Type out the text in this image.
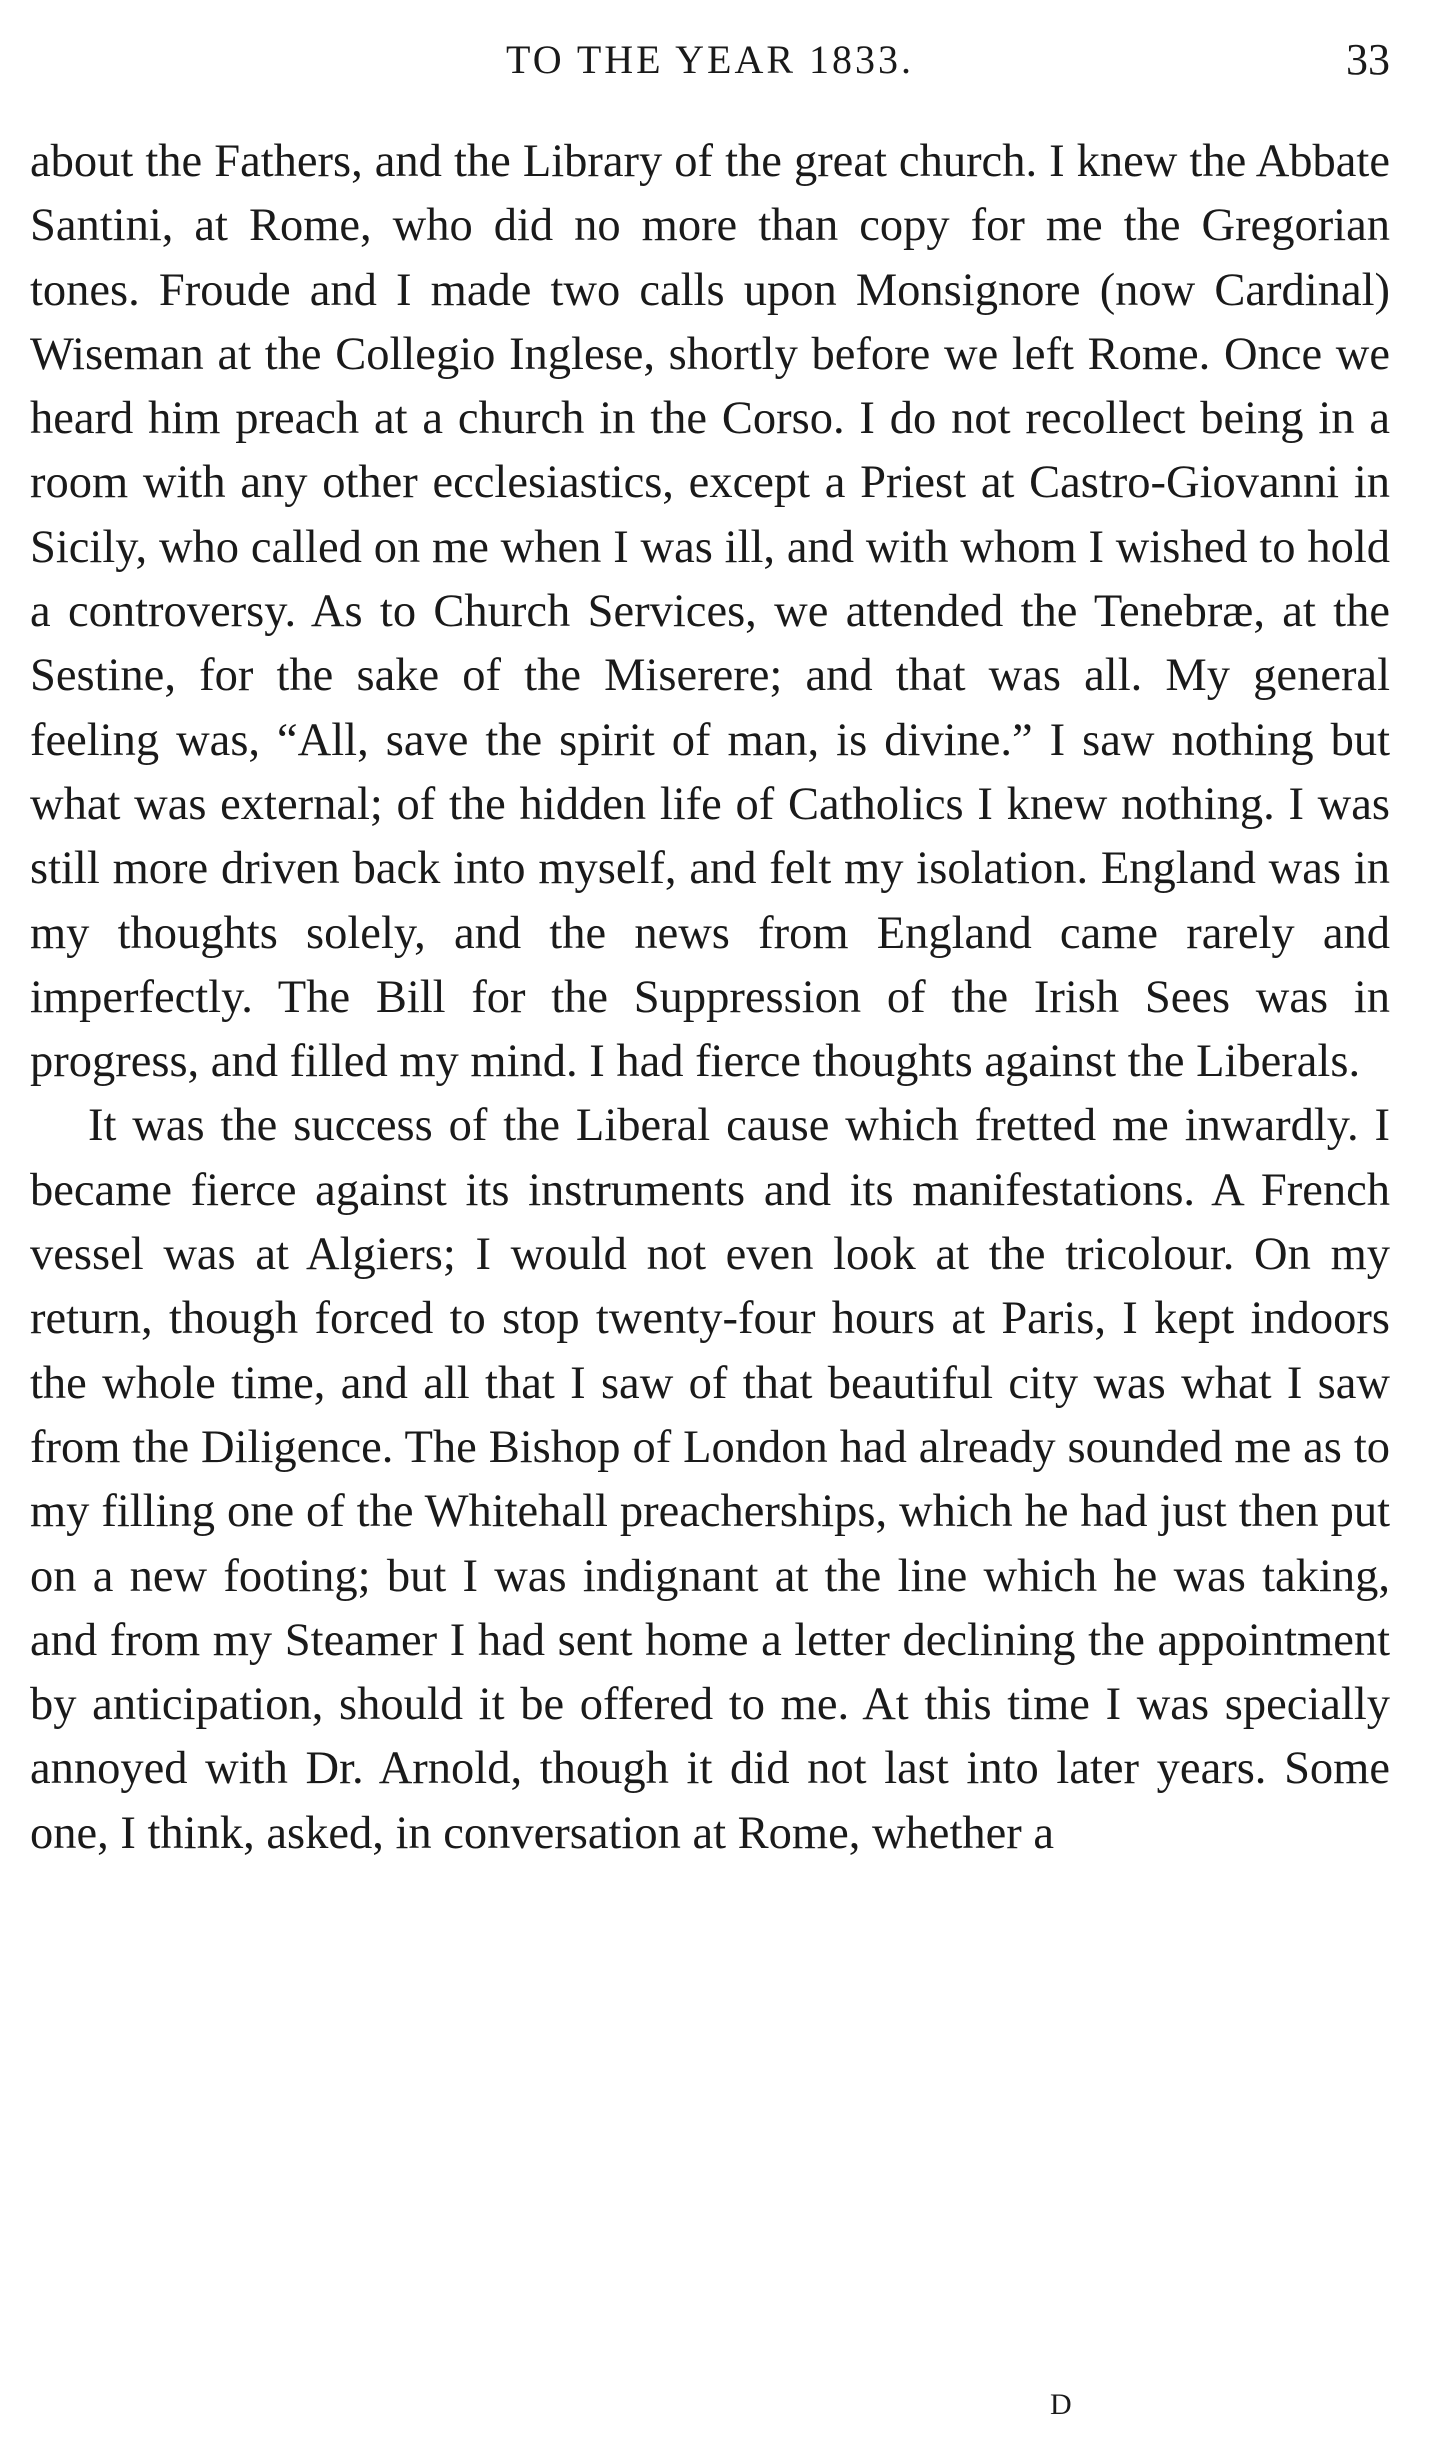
TO THE YEAR 1833.	33

about the Fathers, and the Library of the great church. I knew the Abbate Santini, at Rome, who did no more than copy for me the Gregorian tones. Froude and I made two calls upon Monsignore (now Cardinal) Wiseman at the Collegio Inglese, shortly before we left Rome. Once we heard him preach at a church in the Corso. I do not recollect being in a room with any other ecclesiastics, except a Priest at Castro-Giovanni in Sicily, who called on me when I was ill, and with whom I wished to hold a controversy. As to Church Services, we attended the Tenebræ, at the Sestine, for the sake of the Miserere; and that was all. My general feeling was, “All, save the spirit of man, is divine.” I saw nothing but what was external; of the hidden life of Catholics I knew nothing. I was still more driven back into myself, and felt my isolation. England was in my thoughts solely, and the news from England came rarely and imperfectly. The Bill for the Suppression of the Irish Sees was in progress, and filled my mind. I had fierce thoughts against the Liberals.

It was the success of the Liberal cause which fretted me inwardly. I became fierce against its instruments and its manifestations. A French vessel was at Algiers; I would not even look at the tricolour. On my return, though forced to stop twenty-four hours at Paris, I kept indoors the whole time, and all that I saw of that beautiful city was what I saw from the Diligence. The Bishop of London had already sounded me as to my filling one of the Whitehall preacherships, which he had just then put on a new footing; but I was indignant at the line which he was taking, and from my Steamer I had sent home a letter declining the appointment by anticipation, should it be offered to me. At this time I was specially annoyed with Dr. Arnold, though it did not last into later years. Some one, I think, asked, in conversation at Rome, whether a

D
